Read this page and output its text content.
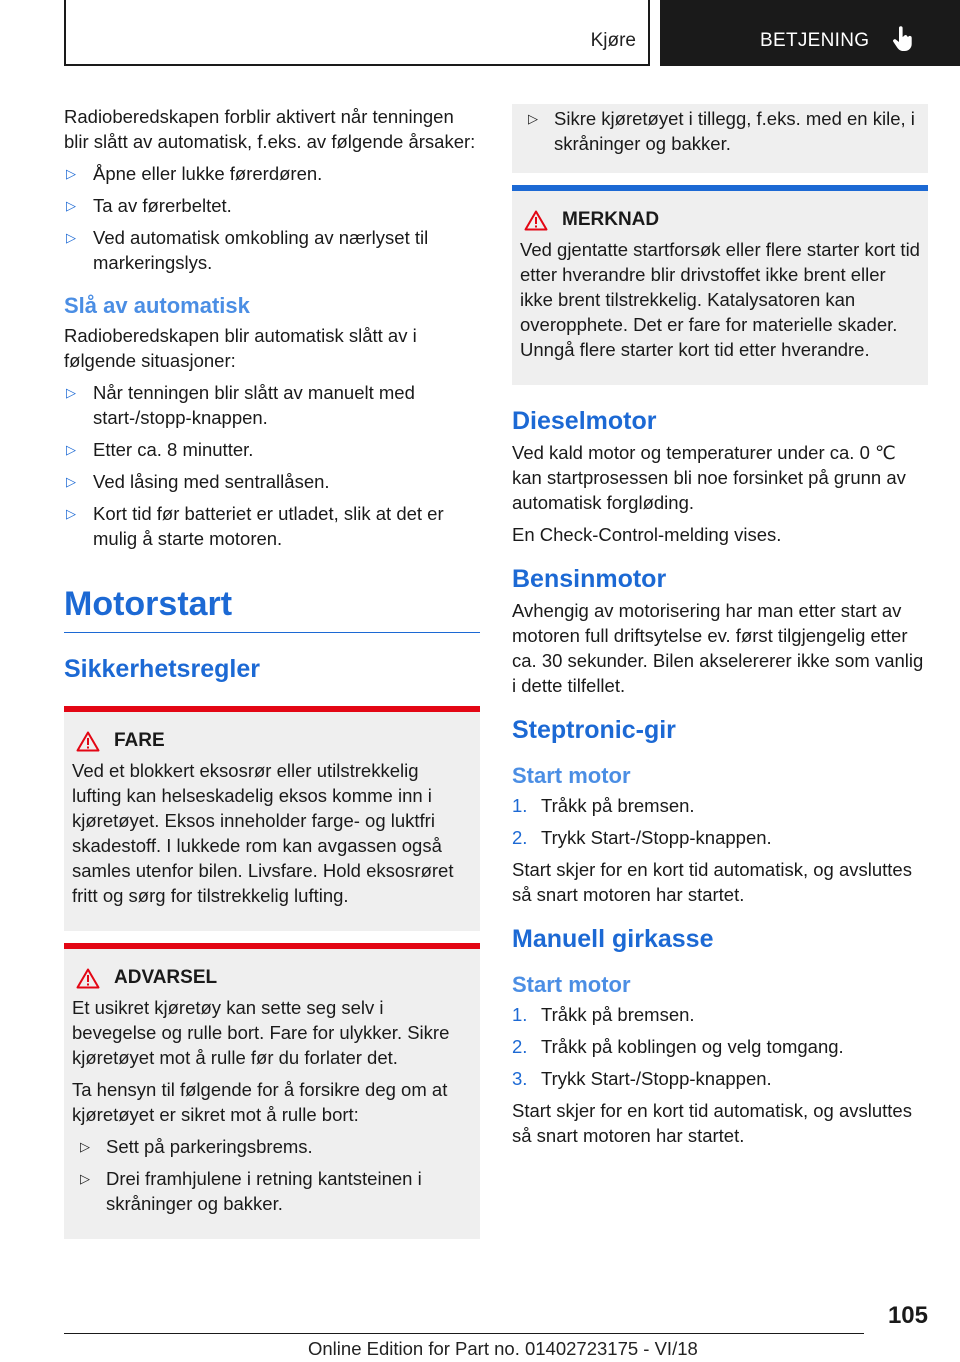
Kjøre	BETJENING

Radioberedskapen forblir aktivert når tenningen blir slått av automatisk, f.eks. av følgende årsaker:

▷ Åpne eller lukke førerdøren.
▷ Ta av førerbeltet.
▷ Ved automatisk omkobling av nærlyset til markeringslys.
Slå av automatisk

Radioberedskapen blir automatisk slått av i følgende situasjoner:

▷ Når tenningen blir slått av manuelt med start-/stopp-knappen.
▷ Etter ca. 8 minutter.
▷ Ved låsing med sentrallåsen.
▷ Kort tid før batteriet er utladet, slik at det er mulig å starte motoren.
Motorstart
Sikkerhetsregler
FARE

Ved et blokkert eksosrør eller utilstrekkelig lufting kan helseskadelig eksos komme inn i kjøretøyet. Eksos inneholder farge- og luktfri skadestoff. I lukkede rom kan avgassen også samles utenfor bilen. Livsfare. Hold eksosrøret fritt og sørg for tilstrekkelig lufting.

ADVARSEL

Et usikret kjøretøy kan sette seg selv i bevegelse og rulle bort. Fare for ulykker. Sikre kjøretøyet mot å rulle før du forlater det.

Ta hensyn til følgende for å forsikre deg om at kjøretøyet er sikret mot å rulle bort:

▷ Sett på parkeringsbrems.
▷ Drei framhjulene i retning kantsteinen i skråninger og bakker.
▷ Sikre kjøretøyet i tillegg, f.eks. med en kile, i skråninger og bakker.
MERKNAD

Ved gjentatte startforsøk eller flere starter kort tid etter hverandre blir drivstoffet ikke brent eller ikke brent tilstrekkelig. Katalysatoren kan overopphete. Det er fare for materielle skader. Unngå flere starter kort tid etter hverandre.

Dieselmotor

Ved kald motor og temperaturer under ca. 0 ℃ kan startprosessen bli noe forsinket på grunn av automatisk forgløding.

En Check-Control-melding vises.

Bensinmotor

Avhengig av motorisering har man etter start av motoren full driftsytelse ev. først tilgjengelig etter ca. 30 sekunder. Bilen akselererer ikke som vanlig i dette tilfellet.

Steptronic-gir
Start motor
1. Tråkk på bremsen.
2. Trykk Start-/Stopp-knappen.

Start skjer for en kort tid automatisk, og avsluttes så snart motoren har startet.

Manuell girkasse
Start motor
1. Tråkk på bremsen.
2. Tråkk på koblingen og velg tomgang.
3. Trykk Start-/Stopp-knappen.

Start skjer for en kort tid automatisk, og avsluttes så snart motoren har startet.

105
Online Edition for Part no. 01402723175 - VI/18
